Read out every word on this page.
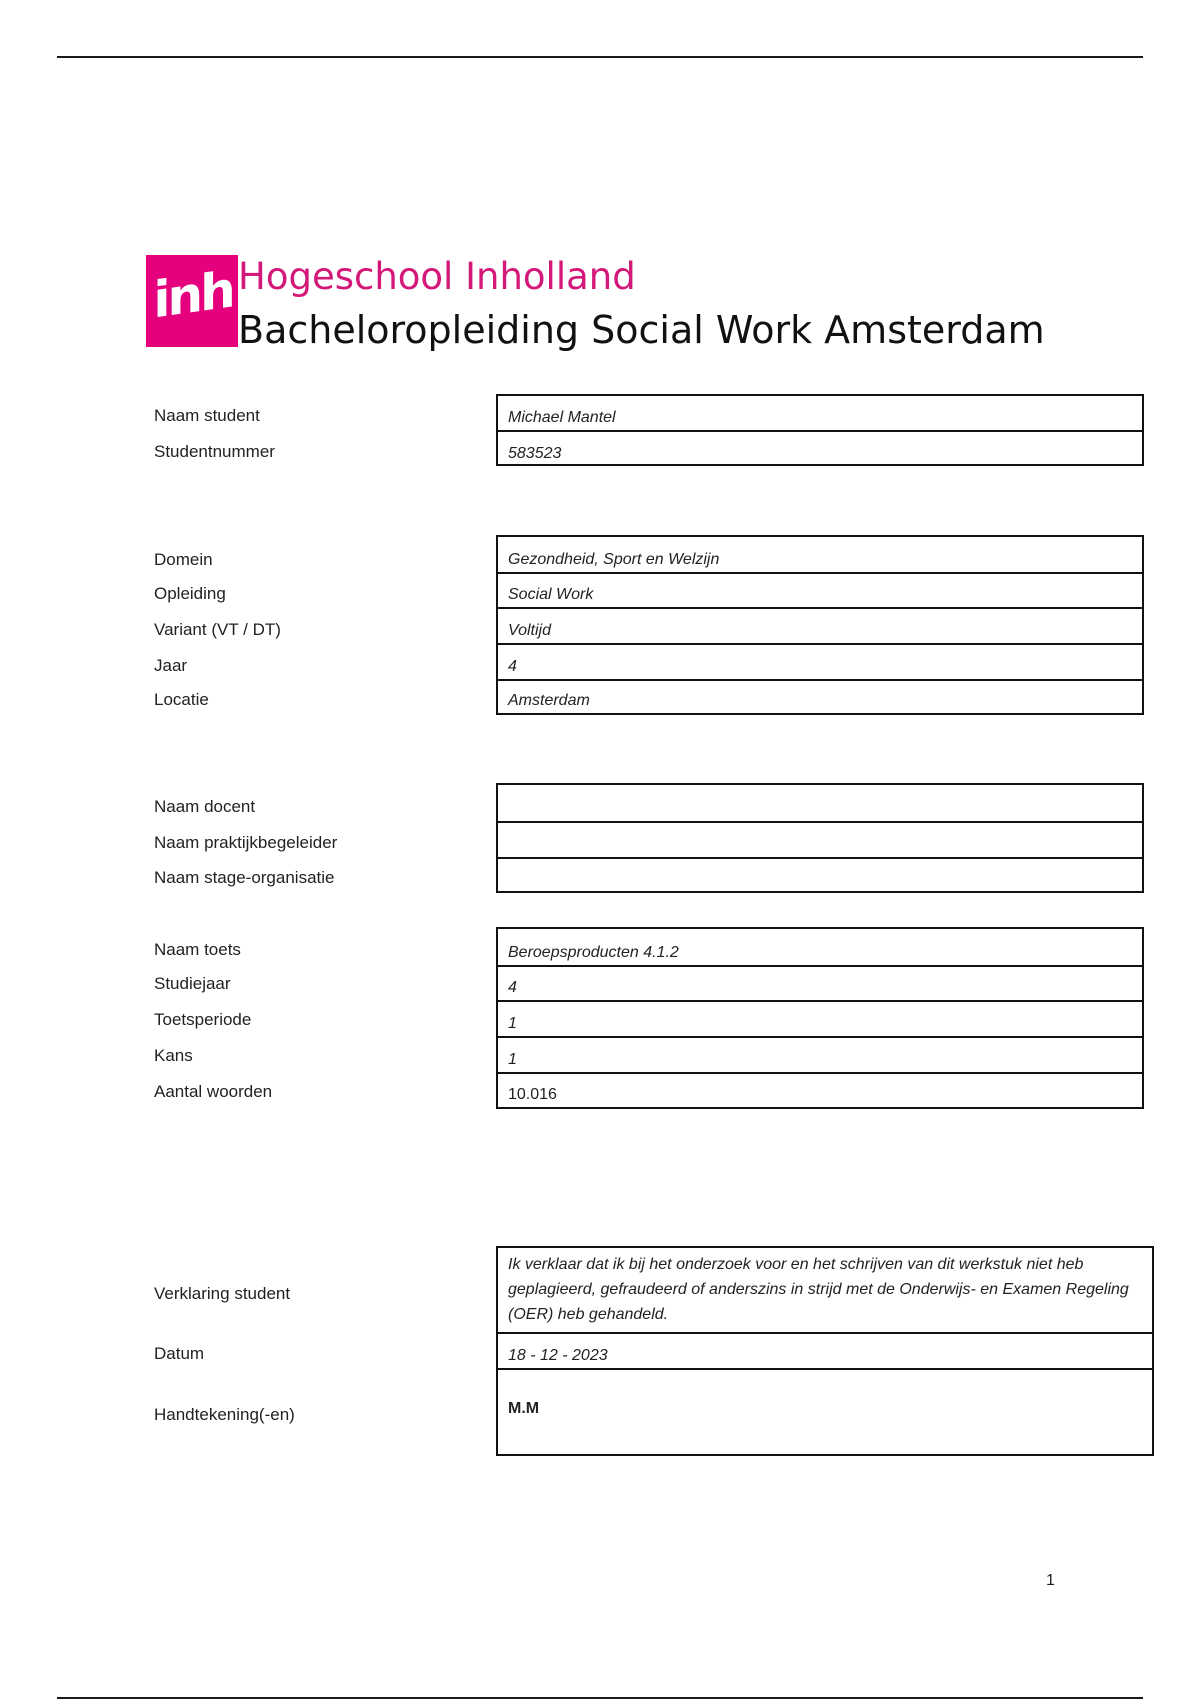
inh Hogeschool Inholland
Bacheloropleiding Social Work Amsterdam
Naam student
Studentnummer
Michael Mantel
583523
Domein
Opleiding
Variant (VT / DT)
Jaar
Locatie
Gezondheid, Sport en Welzijn
Social Work
Voltijd
4
Amsterdam
Naam docent
Naam praktijkbegeleider
Naam stage-organisatie
Naam toets
Studiejaar
Toetsperiode
Kans
Aantal woorden
Beroepsproducten 4.1.2
4
1
1
10.016
Verklaring student
Datum
Handtekening(-en)
Ik verklaar dat ik bij het onderzoek voor en het schrijven van dit werkstuk niet heb geplagieerd, gefraudeerd of anderszins in strijd met de Onderwijs- en Examen Regeling (OER) heb gehandeld.
18 - 12 - 2023
M.M
1
